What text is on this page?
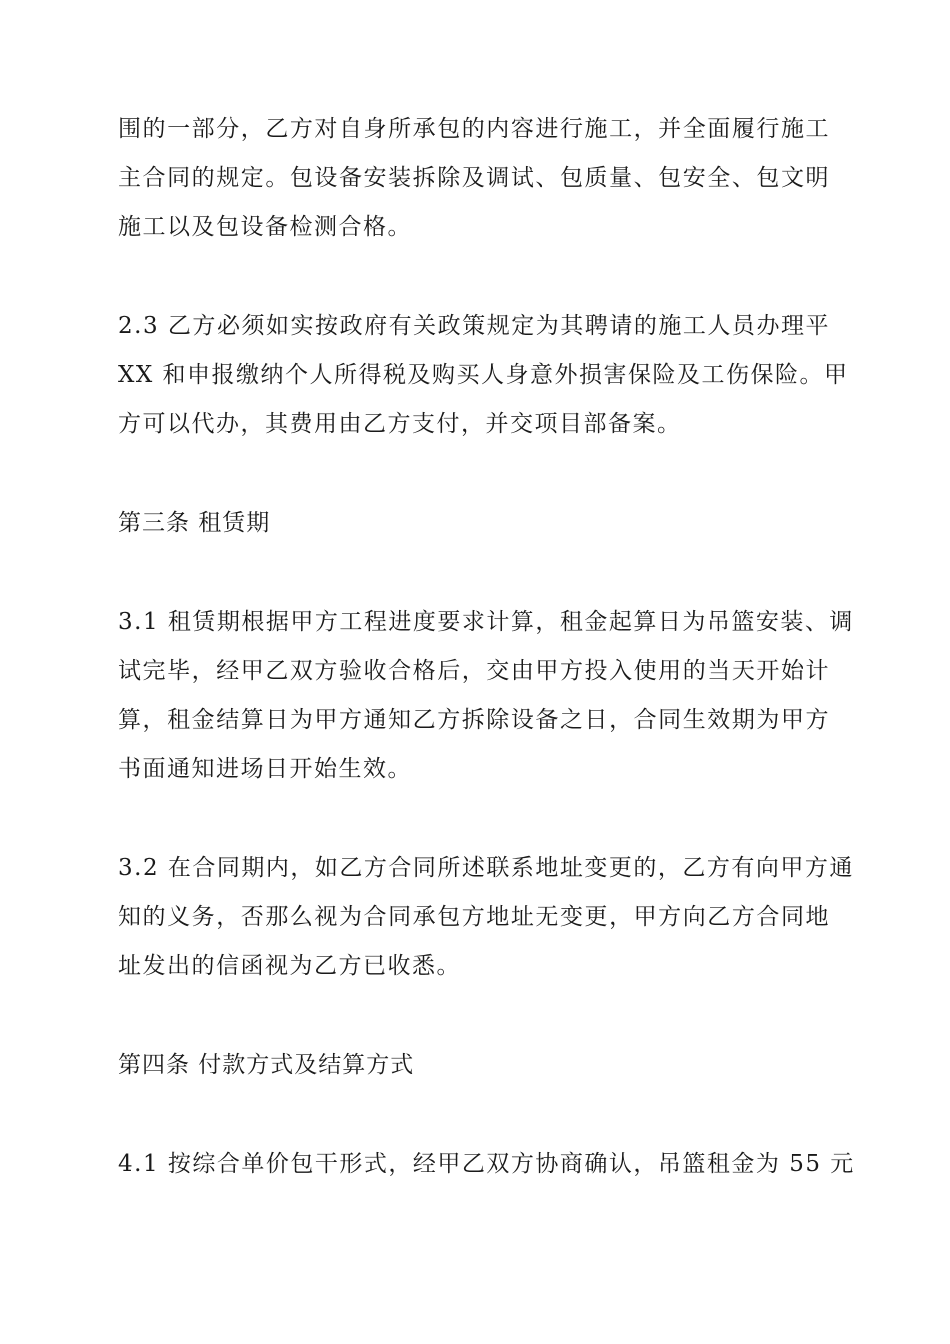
围的一部分，乙方对自身所承包的内容进行施工，并全面履行施工
主合同的规定。包设备安装拆除及调试、包质量、包安全、包文明
施工以及包设备检测合格。
2.3 乙方必须如实按政府有关政策规定为其聘请的施工人员办理平
XX 和申报缴纳个人所得税及购买人身意外损害保险及工伤保险。甲
方可以代办，其费用由乙方支付，并交项目部备案。
第三条 租赁期
3.1 租赁期根据甲方工程进度要求计算，租金起算日为吊篮安装、调
试完毕，经甲乙双方验收合格后，交由甲方投入使用的当天开始计
算，租金结算日为甲方通知乙方拆除设备之日，合同生效期为甲方
书面通知进场日开始生效。
3.2 在合同期内，如乙方合同所述联系地址变更的，乙方有向甲方通
知的义务，否那么视为合同承包方地址无变更，甲方向乙方合同地
址发出的信函视为乙方已收悉。
第四条 付款方式及结算方式
4.1 按综合单价包干形式，经甲乙双方协商确认，吊篮租金为 55 元
